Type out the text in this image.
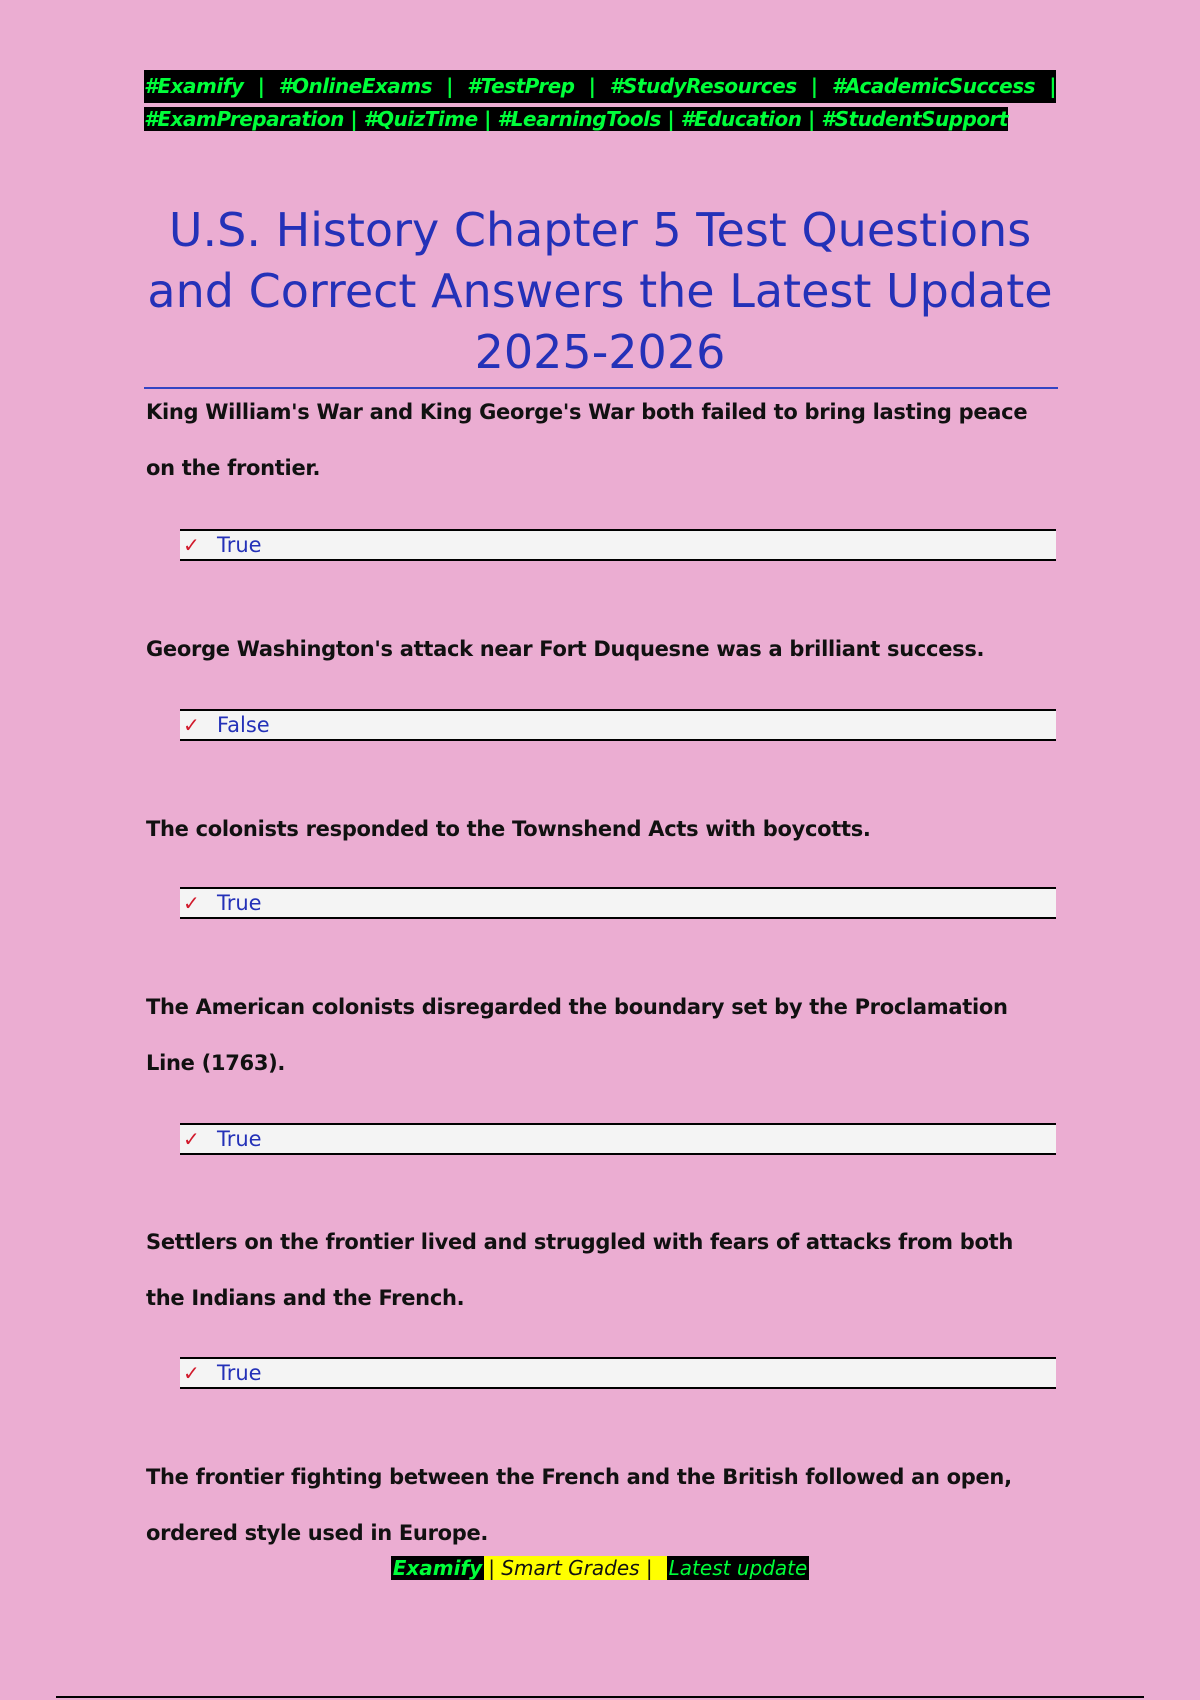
#Examify | #OnlineExams | #TestPrep | #StudyResources | #AcademicSuccess |
#ExamPreparation | #QuizTime | #LearningTools | #Education | #StudentSupport
U.S. History Chapter 5 Test Questions and Correct Answers the Latest Update 2025-2026

King William's War and King George's War both failed to bring lasting peace on the frontier.

✓ True

George Washington's attack near Fort Duquesne was a brilliant success.

✓ False

The colonists responded to the Townshend Acts with boycotts.

✓ True

The American colonists disregarded the boundary set by the Proclamation Line (1763).

✓ True

Settlers on the frontier lived and struggled with fears of attacks from both the Indians and the French.

✓ True

The frontier fighting between the French and the British followed an open, ordered style used in Europe.

Examify | Smart Grades | Latest update
